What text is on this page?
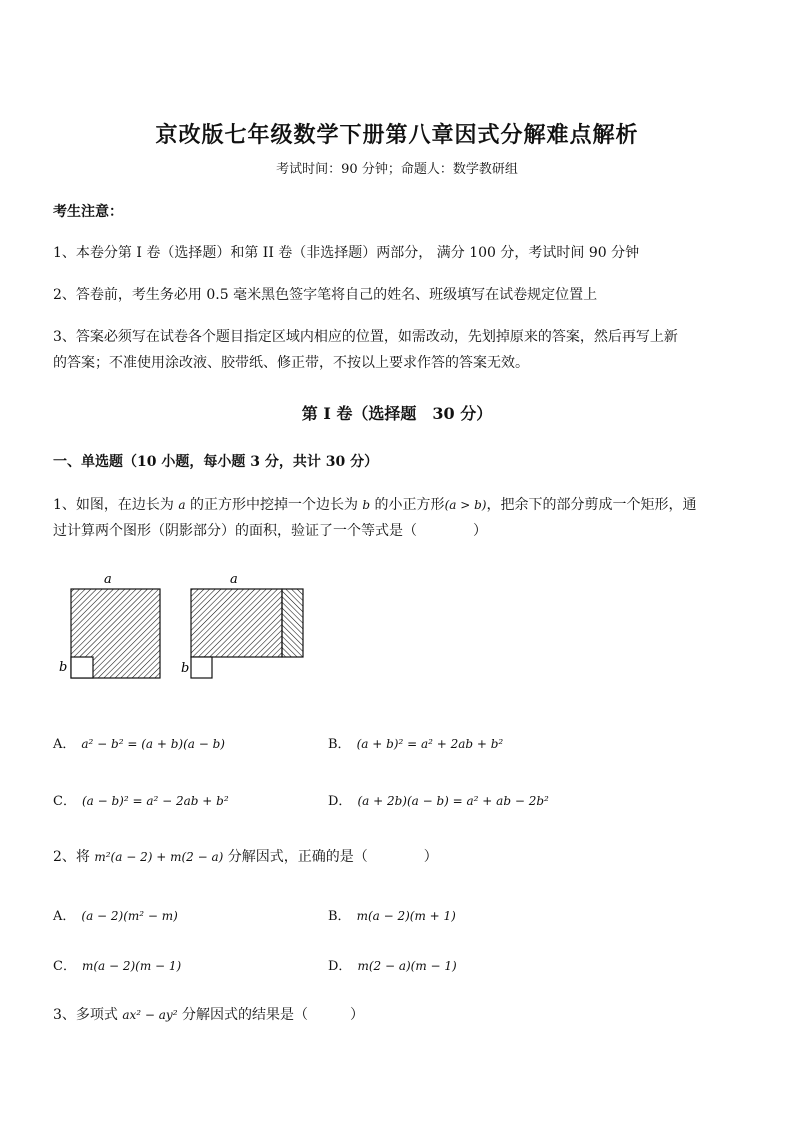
京改版七年级数学下册第八章因式分解难点解析
考试时间：90 分钟；命题人：数学教研组
考生注意：
1、本卷分第 I 卷（选择题）和第 II 卷（非选择题）两部分， 满分 100 分，考试时间 90 分钟
2、答卷前，考生务必用 0.5 毫米黑色签字笔将自己的姓名、班级填写在试卷规定位置上
3、答案必须写在试卷各个题目指定区域内相应的位置，如需改动，先划掉原来的答案，然后再写上新
的答案；不准使用涂改液、胶带纸、修正带，不按以上要求作答的答案无效。
第 I 卷（选择题　30 分）
一、单选题（10 小题，每小题 3 分，共计 30 分）
1、如图，在边长为 a 的正方形中挖掉一个边长为 b 的小正方形(a > b)，把余下的部分剪成一个矩形，通
过计算两个图形（阴影部分）的面积，验证了一个等式是（　　　　）
a
b
a
b
A． a² − b² = (a + b)(a − b)	B． (a + b)² = a² + 2ab + b²
C． (a − b)² = a² − 2ab + b²	D． (a + 2b)(a − b) = a² + ab − 2b²
2、将 m²(a − 2) + m(2 − a) 分解因式，正确的是（　　　　）
A． (a − 2)(m² − m)	B． m(a − 2)(m + 1)
C． m(a − 2)(m − 1)	D． m(2 − a)(m − 1)
3、多项式 ax² − ay² 分解因式的结果是（　　　）
